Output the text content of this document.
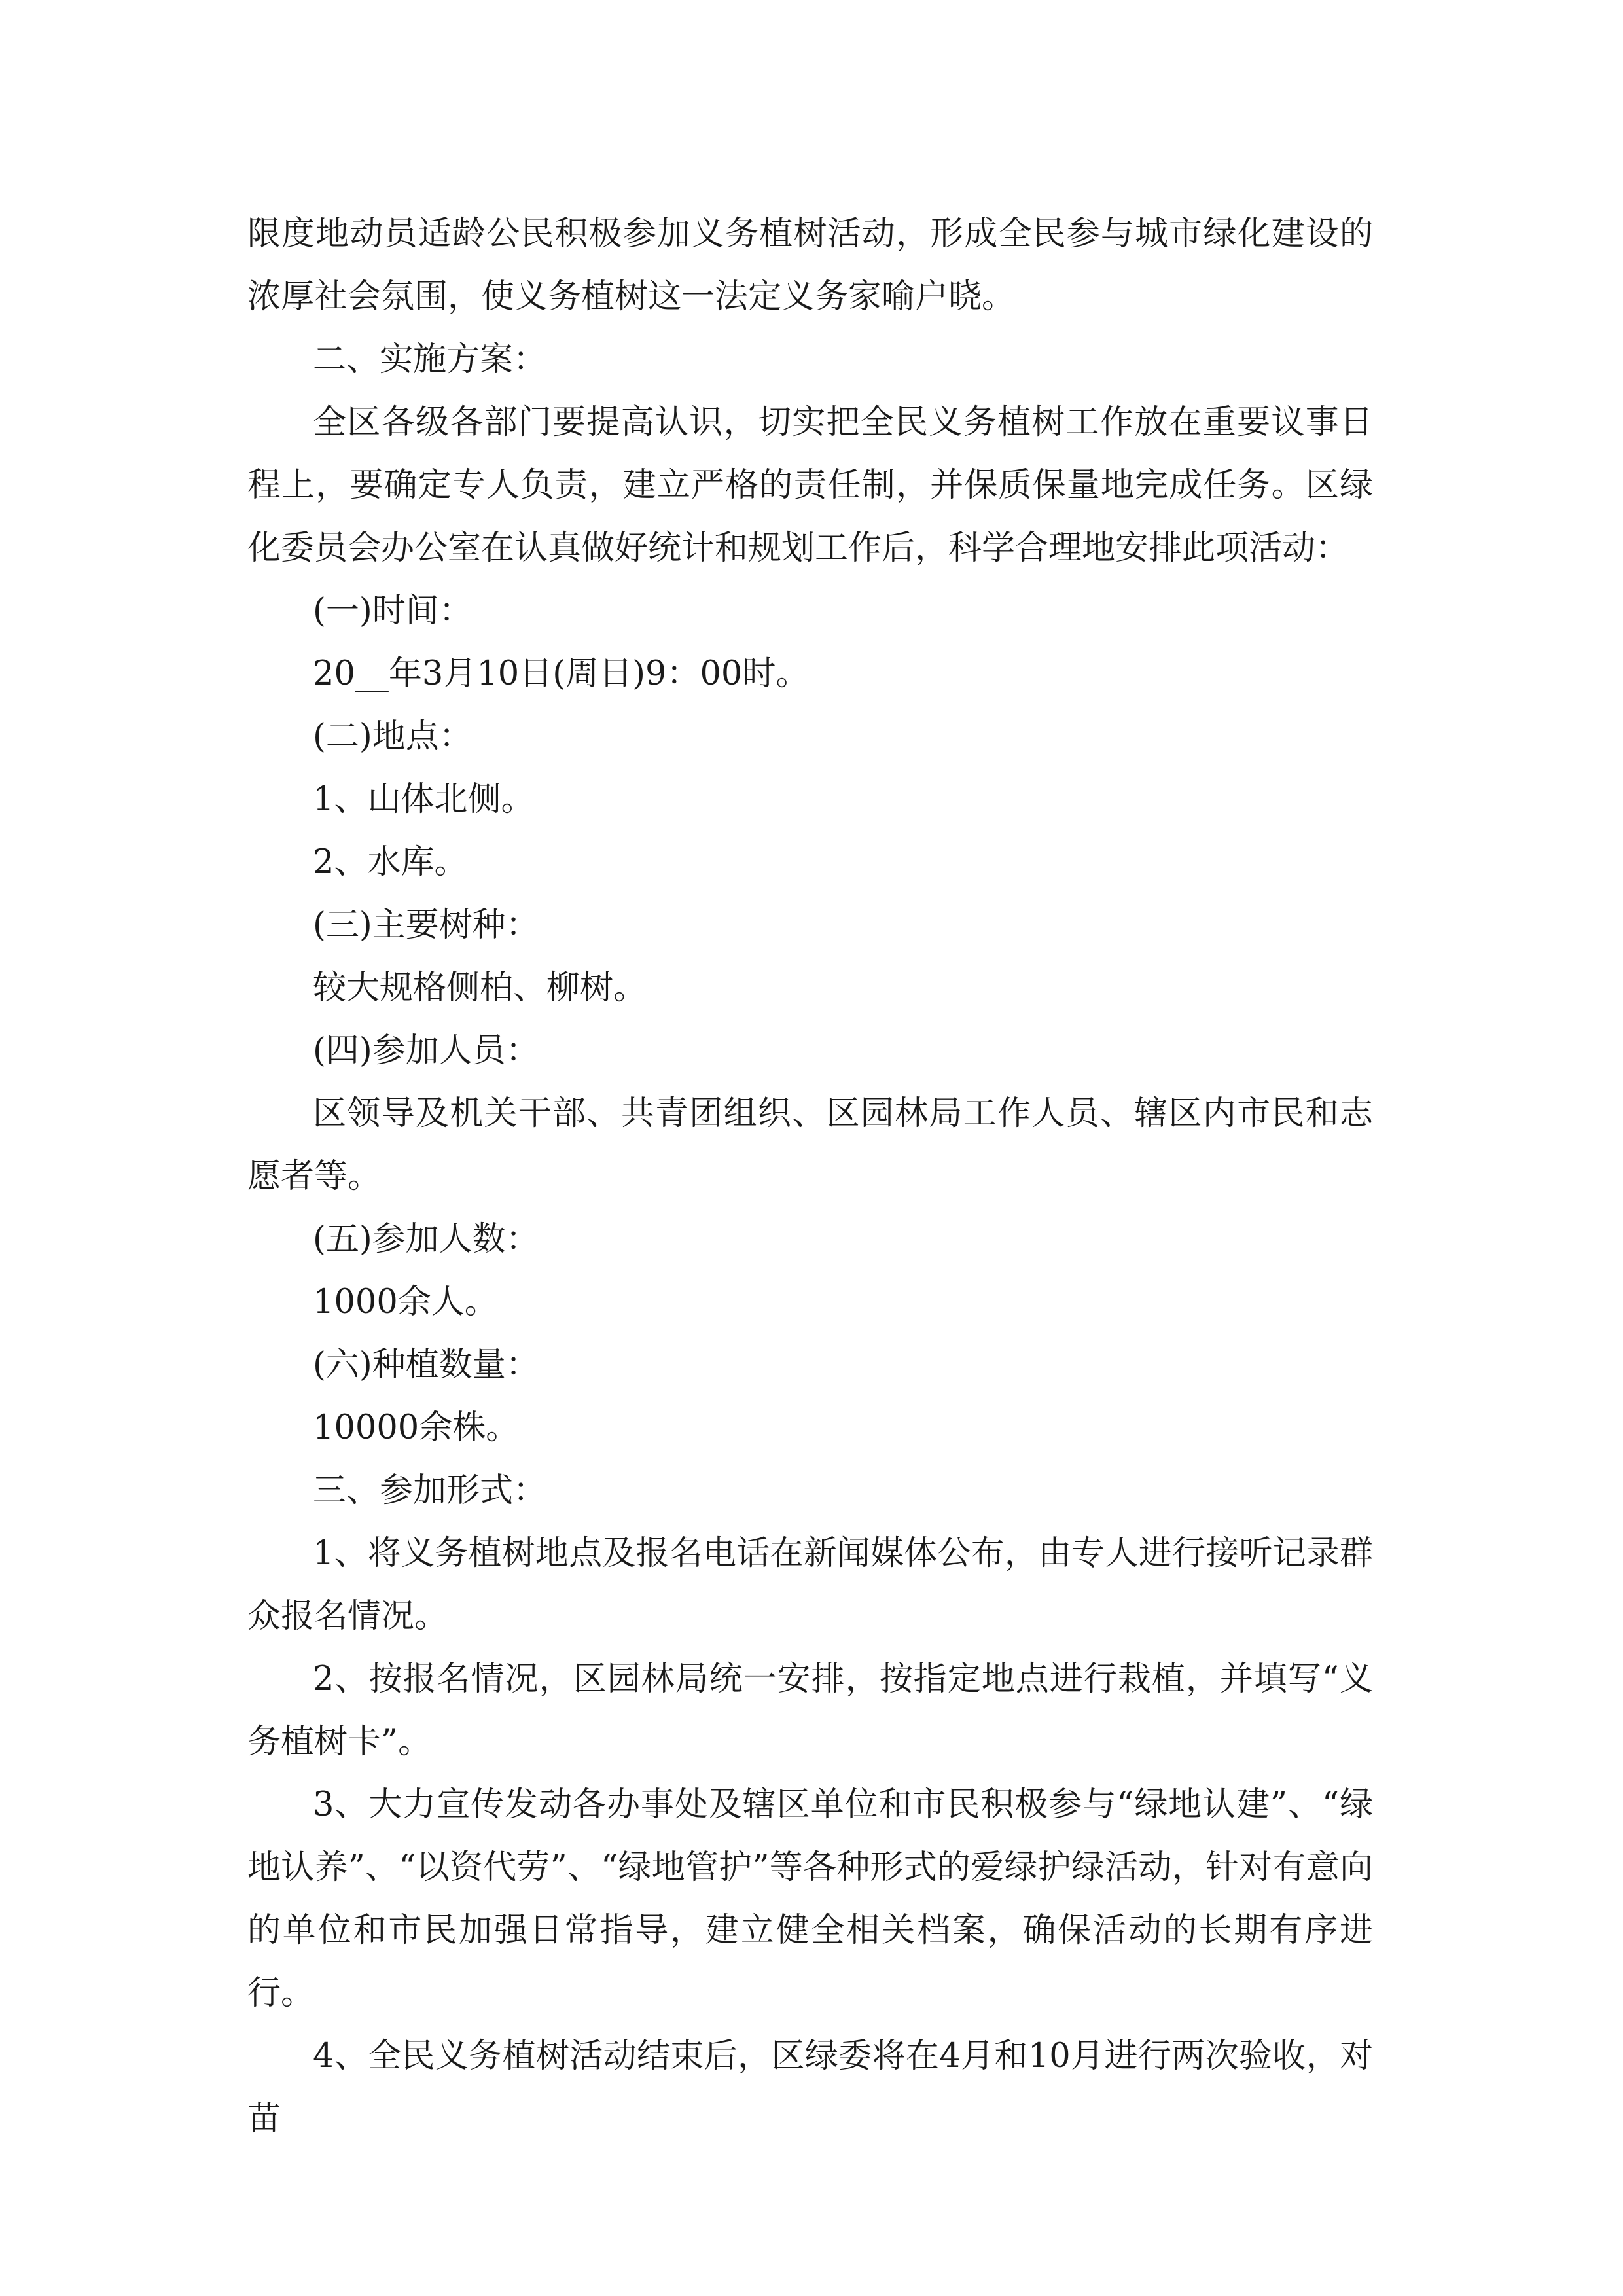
限度地动员适龄公民积极参加义务植树活动，形成全民参与城市绿化建设的浓厚社会氛围，使义务植树这一法定义务家喻户晓。

二、实施方案：

全区各级各部门要提高认识，切实把全民义务植树工作放在重要议事日程上，要确定专人负责，建立严格的责任制，并保质保量地完成任务。区绿化委员会办公室在认真做好统计和规划工作后，科学合理地安排此项活动：

(一)时间：

20__年3月10日(周日)9：00时。

(二)地点：

1、山体北侧。

2、水库。

(三)主要树种：

较大规格侧柏、柳树。

(四)参加人员：

区领导及机关干部、共青团组织、区园林局工作人员、辖区内市民和志愿者等。

(五)参加人数：

1000余人。

(六)种植数量：

10000余株。

三、参加形式：

1、将义务植树地点及报名电话在新闻媒体公布，由专人进行接听记录群众报名情况。

2、按报名情况，区园林局统一安排，按指定地点进行栽植，并填写“义务植树卡”。

3、大力宣传发动各办事处及辖区单位和市民积极参与“绿地认建”、“绿地认养”、“以资代劳”、“绿地管护”等各种形式的爱绿护绿活动，针对有意向的单位和市民加强日常指导，建立健全相关档案，确保活动的长期有序进行。

4、全民义务植树活动结束后，区绿委将在4月和10月进行两次验收，对苗
